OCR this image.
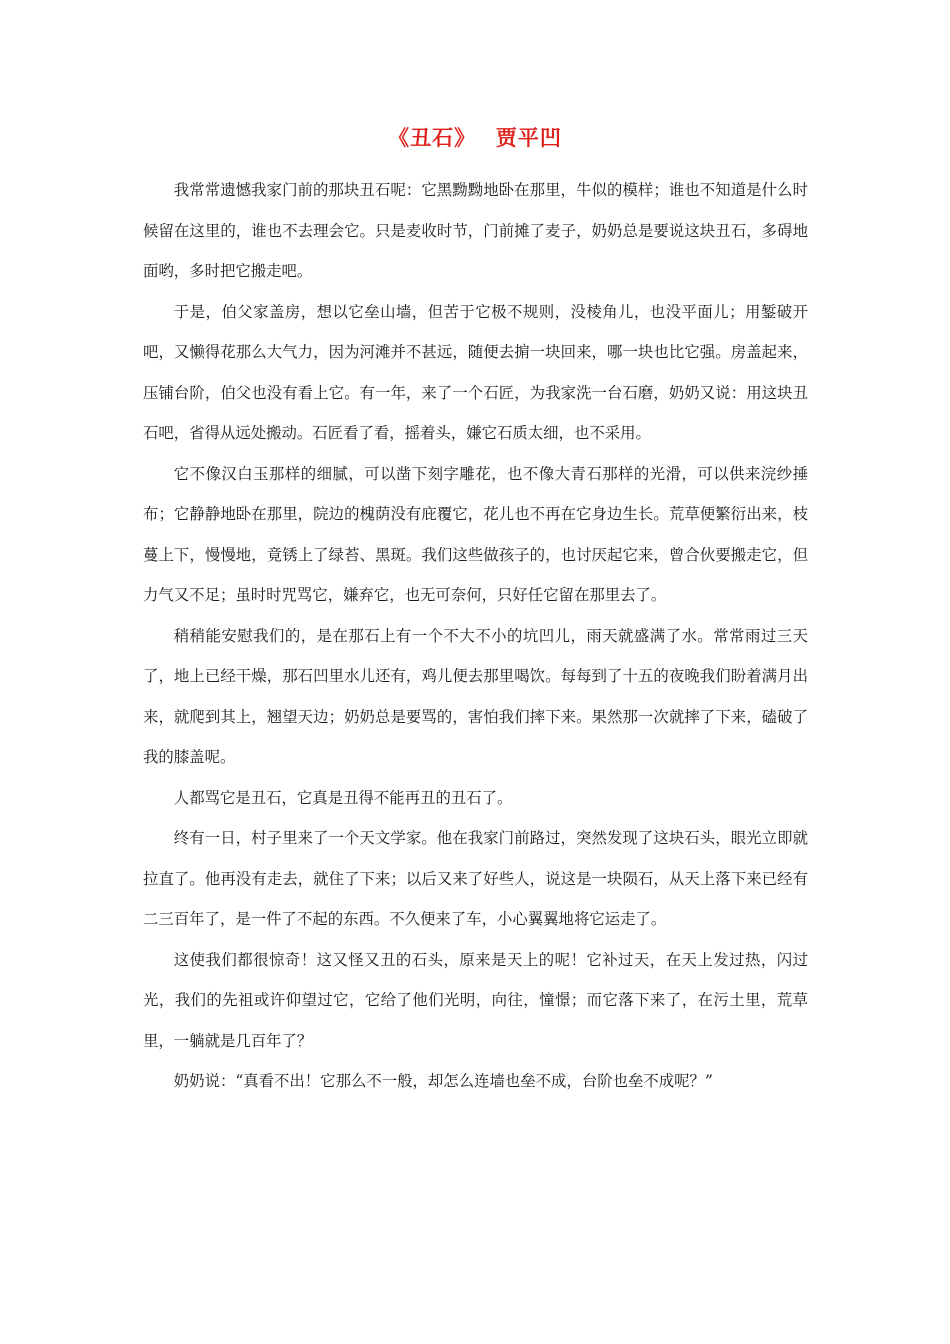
《丑石》　 贾平凹

我常常遗憾我家门前的那块丑石呢：它黑黝黝地卧在那里，牛似的模样；谁也不知道是什么时候留在这里的，谁也不去理会它。只是麦收时节，门前摊了麦子，奶奶总是要说这块丑石，多碍地面哟，多时把它搬走吧。

于是，伯父家盖房，想以它垒山墙，但苦于它极不规则，没棱角儿，也没平面儿；用錾破开吧，又懒得花那么大气力，因为河滩并不甚远，随便去掮一块回来，哪一块也比它强。房盖起来，压铺台阶，伯父也没有看上它。有一年，来了一个石匠，为我家洗一台石磨，奶奶又说：用这块丑石吧，省得从远处搬动。石匠看了看，摇着头，嫌它石质太细，也不采用。

它不像汉白玉那样的细腻，可以凿下刻字雕花，也不像大青石那样的光滑，可以供来浣纱捶布；它静静地卧在那里，院边的槐荫没有庇覆它，花儿也不再在它身边生长。荒草便繁衍出来，枝蔓上下，慢慢地，竟锈上了绿苔、黑斑。我们这些做孩子的，也讨厌起它来，曾合伙要搬走它，但力气又不足；虽时时咒骂它，嫌弃它，也无可奈何，只好任它留在那里去了。

稍稍能安慰我们的，是在那石上有一个不大不小的坑凹儿，雨天就盛满了水。常常雨过三天了，地上已经干燥，那石凹里水儿还有，鸡儿便去那里喝饮。每每到了十五的夜晚我们盼着满月出来，就爬到其上，翘望天边；奶奶总是要骂的，害怕我们摔下来。果然那一次就摔了下来，磕破了我的膝盖呢。

人都骂它是丑石，它真是丑得不能再丑的丑石了。

终有一日，村子里来了一个天文学家。他在我家门前路过，突然发现了这块石头，眼光立即就拉直了。他再没有走去，就住了下来；以后又来了好些人，说这是一块陨石，从天上落下来已经有二三百年了，是一件了不起的东西。不久便来了车，小心翼翼地将它运走了。

这使我们都很惊奇！这又怪又丑的石头，原来是天上的呢！它补过天，在天上发过热，闪过光，我们的先祖或许仰望过它，它给了他们光明，向往，憧憬；而它落下来了，在污土里，荒草里，一躺就是几百年了？

奶奶说：“真看不出！它那么不一般，却怎么连墙也垒不成，台阶也垒不成呢？”
